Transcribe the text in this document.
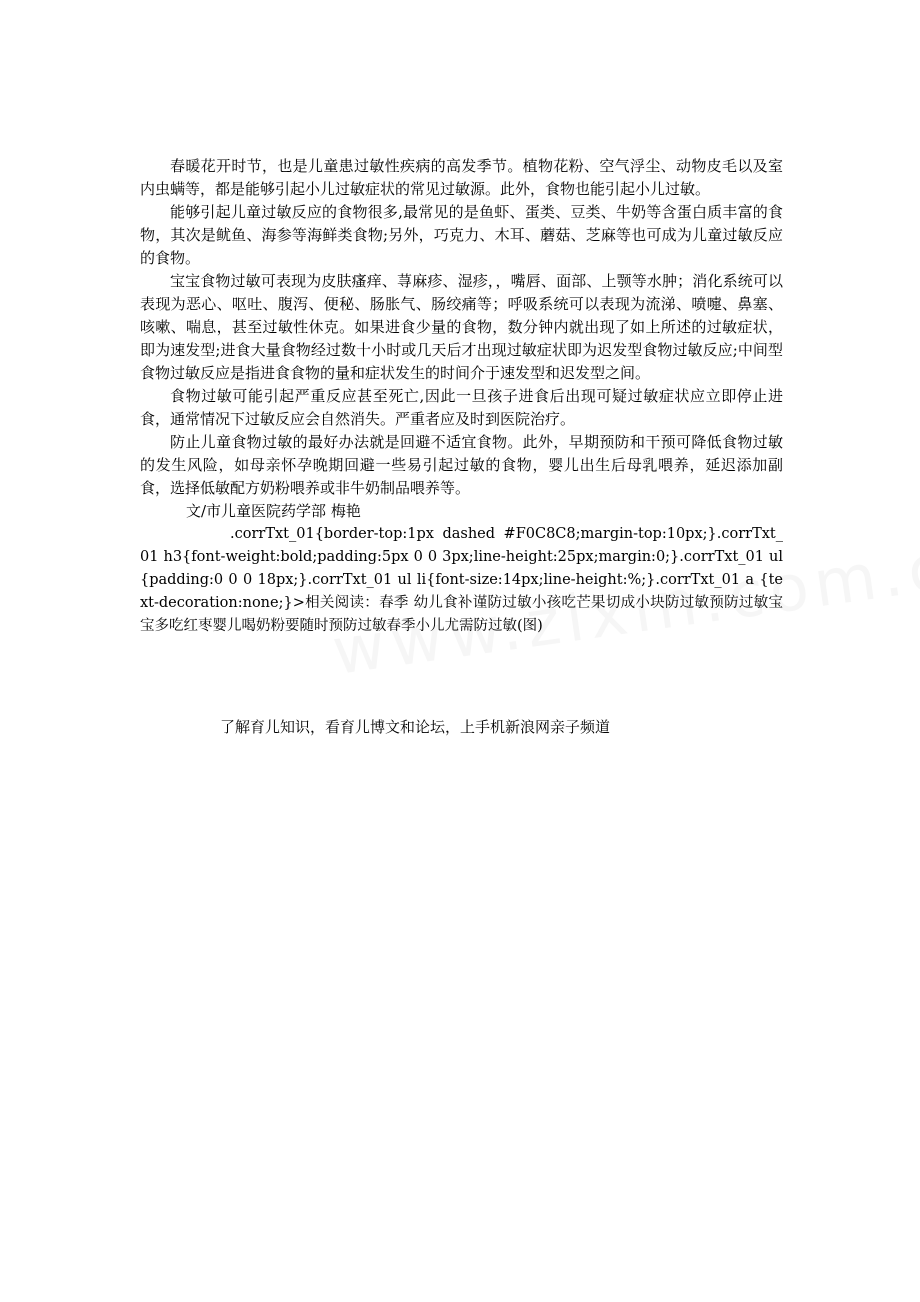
春暖花开时节，也是儿童患过敏性疾病的高发季节。植物花粉、空气浮尘、动物皮毛以及室内虫螨等，都是能够引起小儿过敏症状的常见过敏源。此外，食物也能引起小儿过敏。

能够引起儿童过敏反应的食物很多,最常见的是鱼虾、蛋类、豆类、牛奶等含蛋白质丰富的食物，其次是鱿鱼、海参等海鲜类食物;另外，巧克力、木耳、蘑菇、芝麻等也可成为儿童过敏反应的食物。

宝宝食物过敏可表现为皮肤瘙痒、荨麻疹、湿疹，，嘴唇、面部、上颚等水肿；消化系统可以表现为恶心、呕吐、腹泻、便秘、肠胀气、肠绞痛等；呼吸系统可以表现为流涕、喷嚏、鼻塞、咳嗽、喘息，甚至过敏性休克。如果进食少量的食物，数分钟内就出现了如上所述的过敏症状，即为速发型;进食大量食物经过数十小时或几天后才出现过敏症状即为迟发型食物过敏反应;中间型食物过敏反应是指进食食物的量和症状发生的时间介于速发型和迟发型之间。

食物过敏可能引起严重反应甚至死亡,因此一旦孩子进食后出现可疑过敏症状应立即停止进食，通常情况下过敏反应会自然消失。严重者应及时到医院治疗。

防止儿童食物过敏的最好办法就是回避不适宜食物。此外，早期预防和干预可降低食物过敏的发生风险，如母亲怀孕晚期回避一些易引起过敏的食物，婴儿出生后母乳喂养，延迟添加副食，选择低敏配方奶粉喂养或非牛奶制品喂养等。

文/市儿童医院药学部 梅艳

.corrTxt_01{border-top:1px dashed #F0C8C8;margin-top:10px;}.corrTxt_01 h3{font-weight:bold;padding:5px 0 0 3px;line-height:25px;margin:0;}.corrTxt_01 ul{padding:0 0 0 18px;}.corrTxt_01 ul li{font-size:14px;line-height:%;}.corrTxt_01 a {text-decoration:none;}>相关阅读：春季 幼儿食补谨防过敏小孩吃芒果切成小块防过敏预防过敏宝宝多吃红枣婴儿喝奶粉要随时预防过敏春季小儿尤需防过敏(图)

了解育儿知识，看育儿博文和论坛，上手机新浪网亲子频道
